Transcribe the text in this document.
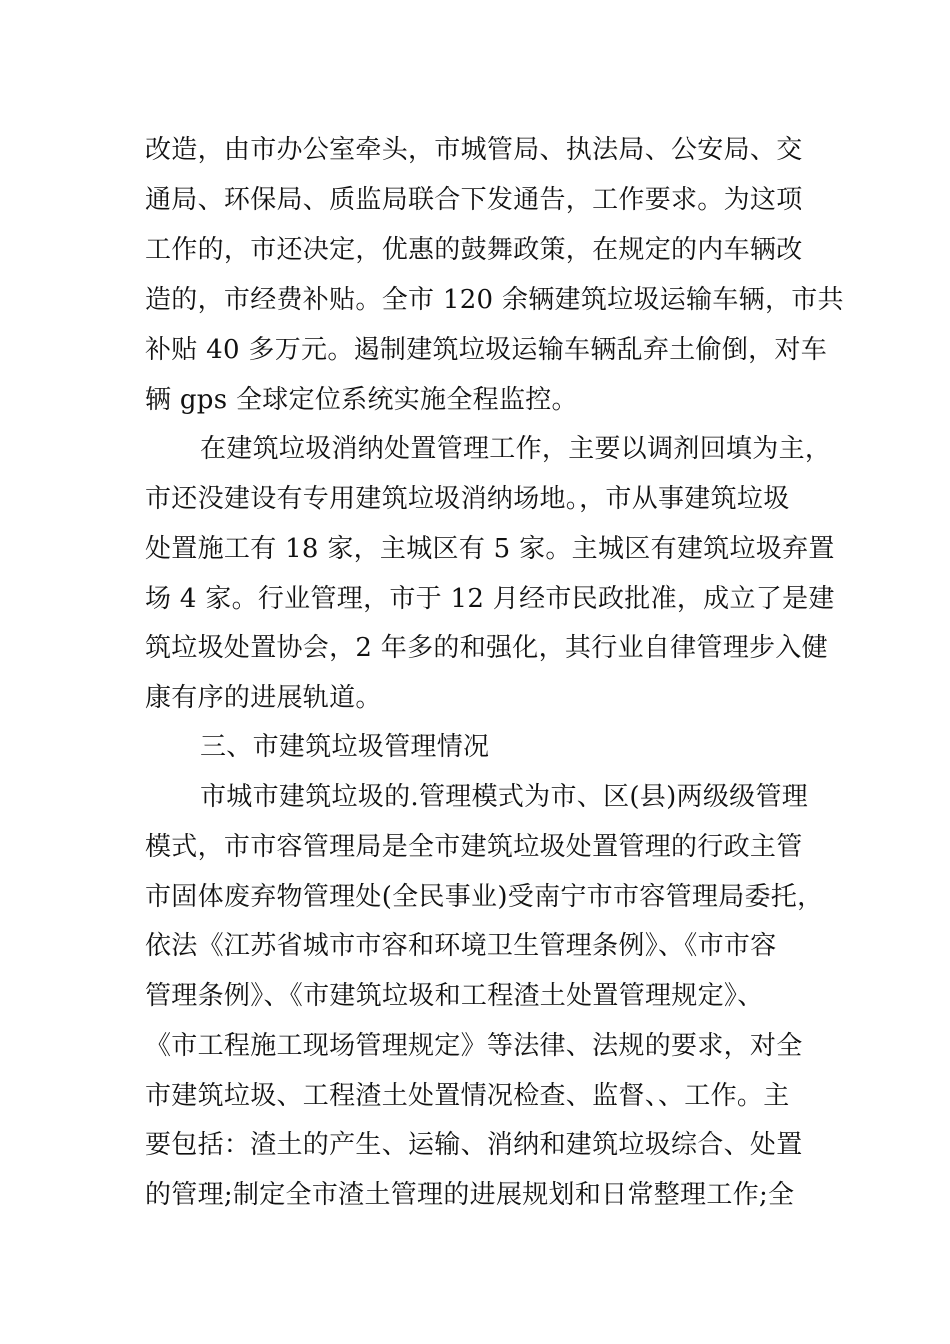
改造，由市办公室牵头，市城管局、执法局、公安局、交
通局、环保局、质监局联合下发通告，工作要求。为这项
工作的，市还决定，优惠的鼓舞政策，在规定的内车辆改
造的，市经费补贴。全市 120 余辆建筑垃圾运输车辆，市共
补贴 40 多万元。遏制建筑垃圾运输车辆乱弃土偷倒，对车
辆 gps 全球定位系统实施全程监控。
在建筑垃圾消纳处置管理工作，主要以调剂回填为主，
市还没建设有专用建筑垃圾消纳场地。，市从事建筑垃圾
处置施工有 18 家，主城区有 5 家。主城区有建筑垃圾弃置
场 4 家。行业管理，市于 12 月经市民政批准，成立了是建
筑垃圾处置协会，2 年多的和强化，其行业自律管理步入健
康有序的进展轨道。
三、市建筑垃圾管理情况
市城市建筑垃圾的.管理模式为市、区(县)两级级管理
模式，市市容管理局是全市建筑垃圾处置管理的行政主管
市固体废弃物管理处(全民事业)受南宁市市容管理局委托，
依法《江苏省城市市容和环境卫生管理条例》、《市市容
管理条例》、《市建筑垃圾和工程渣土处置管理规定》、
《市工程施工现场管理规定》等法律、法规的要求，对全
市建筑垃圾、工程渣土处置情况检查、监督、、工作。主
要包括：渣土的产生、运输、消纳和建筑垃圾综合、处置
的管理;制定全市渣土管理的进展规划和日常整理工作;全
